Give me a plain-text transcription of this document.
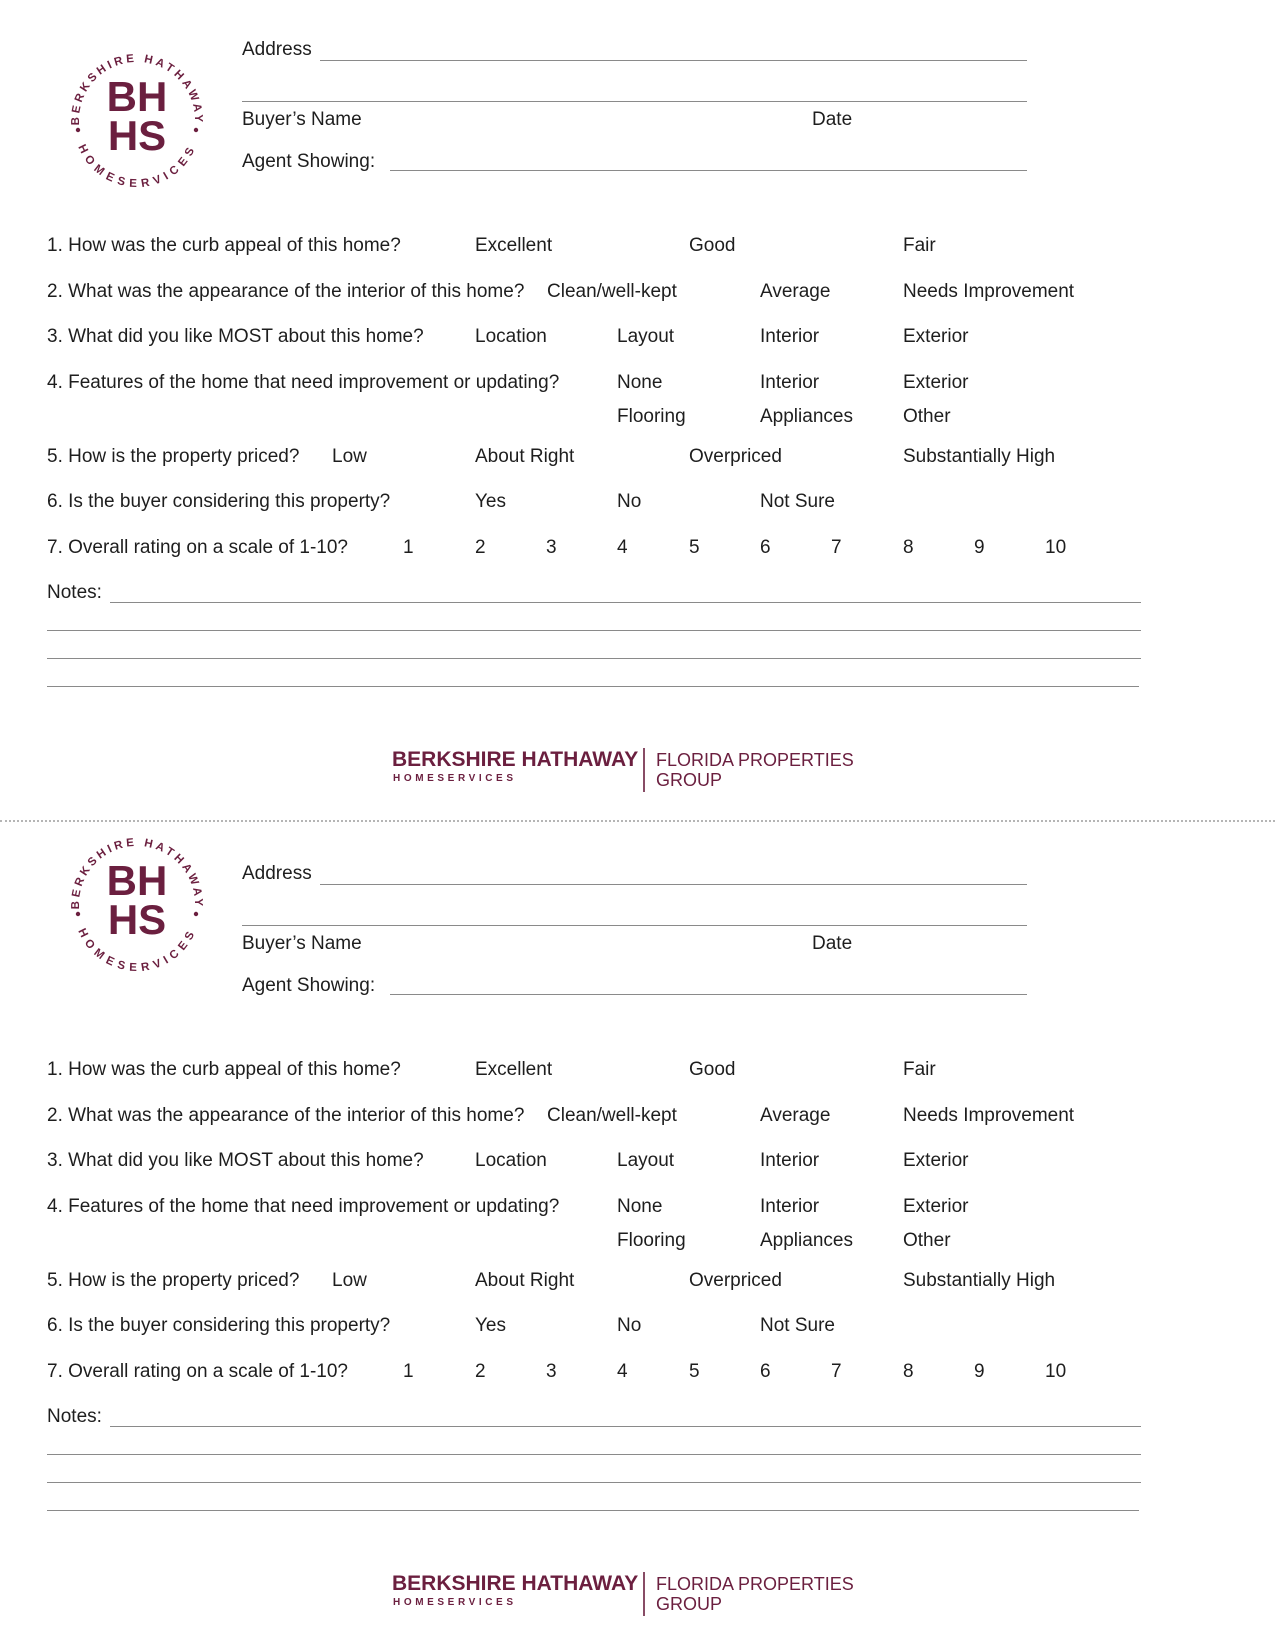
BERKSHIRE HATHAWAY
HOMESERVICES
BH
HS
Address
Buyer’s Name	Date
Agent Showing:
1. How was the curb appeal of this home?	Excellent	Good	Fair
2. What was the appearance of the interior of this home? Clean/well-kept	Average	Needs Improvement
3. What did you like MOST about this home?	Location	Layout	Interior	Exterior
4. Features of the home that need improvement or updating?	None	Interior	Exterior
Flooring	Appliances	Other
5. How is the property priced? Low	About Right	Overpriced	Substantially High
6. Is the buyer considering this property?	Yes	No	Not Sure
7. Overall rating on a scale of 1-10?	1	2	3	4	5	6	7	8	9	10
Notes:
BERKSHIRE HATHAWAY
HOMESERVICES
FLORIDA PROPERTIES
GROUP
BERKSHIRE HATHAWAY
HOMESERVICES
BH
HS
Address
Buyer’s Name	Date
Agent Showing:
1. How was the curb appeal of this home?	Excellent	Good	Fair
2. What was the appearance of the interior of this home? Clean/well-kept	Average	Needs Improvement
3. What did you like MOST about this home?	Location	Layout	Interior	Exterior
4. Features of the home that need improvement or updating?	None	Interior	Exterior
Flooring	Appliances	Other
5. How is the property priced? Low	About Right	Overpriced	Substantially High
6. Is the buyer considering this property?	Yes	No	Not Sure
7. Overall rating on a scale of 1-10?	1	2	3	4	5	6	7	8	9	10
Notes:
BERKSHIRE HATHAWAY
HOMESERVICES
FLORIDA PROPERTIES
GROUP
